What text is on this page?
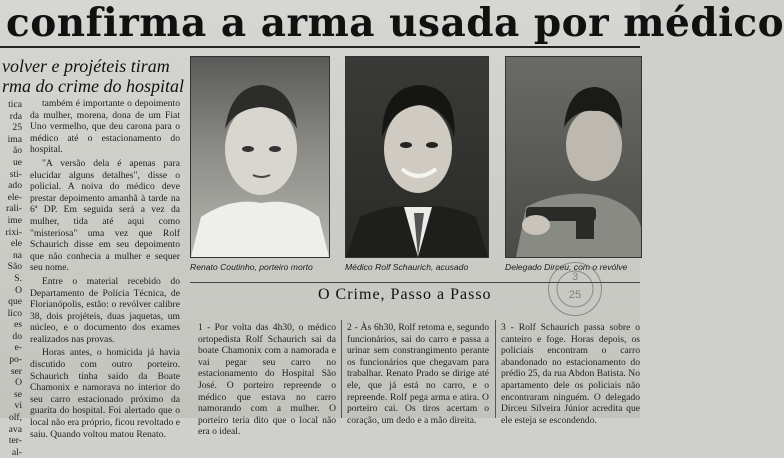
confirma a arma usada por médico
volver e projéteis tiram
rma do crime do hospital

tica

rda

25

ima

ão

ue

sti-

ado

ele-

rali-

ime

rixi-

ele

na

São

S.

O

que

lico

es

do

e-

po-

ser

O

se

vi

olf,

ava

ter-

al-

também é importante o depoimento da mulher, morena, dona de um Fiat Uno vermelho, que deu carona para o médico até o estacionamento do hospital.

"A versão dela é apenas para elucidar alguns detalhes", disse o policial. A noiva do médico deve prestar depoimento amanhã à tarde na 6ª DP. Em seguida será a vez da mulher, tida até aqui como "misteriosa" uma vez que Rolf Schaurich disse em seu depoimento que não conhecia a mulher e sequer seu nome.

Entre o material recebido do Departamento de Polícia Técnica, de Florianópolis, estão: o revólver calibre 38, dois projéteis, duas jaquetas, um núcleo, e o documento dos exames realizados nas provas.

Horas antes, o homicida já havia discutido com outro porteiro. Schaurich tinha saído da Boate Chamonix e namorava no interior do seu carro estacionado próximo da guarita do hospital. Foi alertado que o local não era próprio, ficou revoltado e saiu. Quando voltou matou Renato.

Renato Coutinho, porteiro morto	Médico Rolf Schaurich, acusado	Delegado Dirceu, com o revólve
O Crime, Passo a Passo
1 - Por volta das 4h30, o médico ortopedista Rolf Schaurich sai da boate Chamonix com a namorada e vai pegar seu carro no estacionamento do Hospital São José. O porteiro repreende o médico que estava no carro namorando com a mulher. O porteiro teria dito que o local não era o ideal.
2 - Às 6h30, Rolf retoma e, segundo funcionários, sai do carro e passa a urinar sem constrangimento perante os funcionários que chegavam para trabalhar. Renato Prado se dirige até ele, que já está no carro, e o repreende. Rolf pega arma e atira. O porteiro cai. Os tiros acertam o coração, um dedo e a mão direita.
3 - Rolf Schaurich passa sobre o canteiro e foge. Horas depois, os policiais encontram o carro abandonado no estacionamento do prédio 25, da rua Abdon Batista. No apartamento dele os policiais não encontraram ninguém. O delegado Dirceu Silveira Júnior acredita que ele esteja se escondendo.
3
25
